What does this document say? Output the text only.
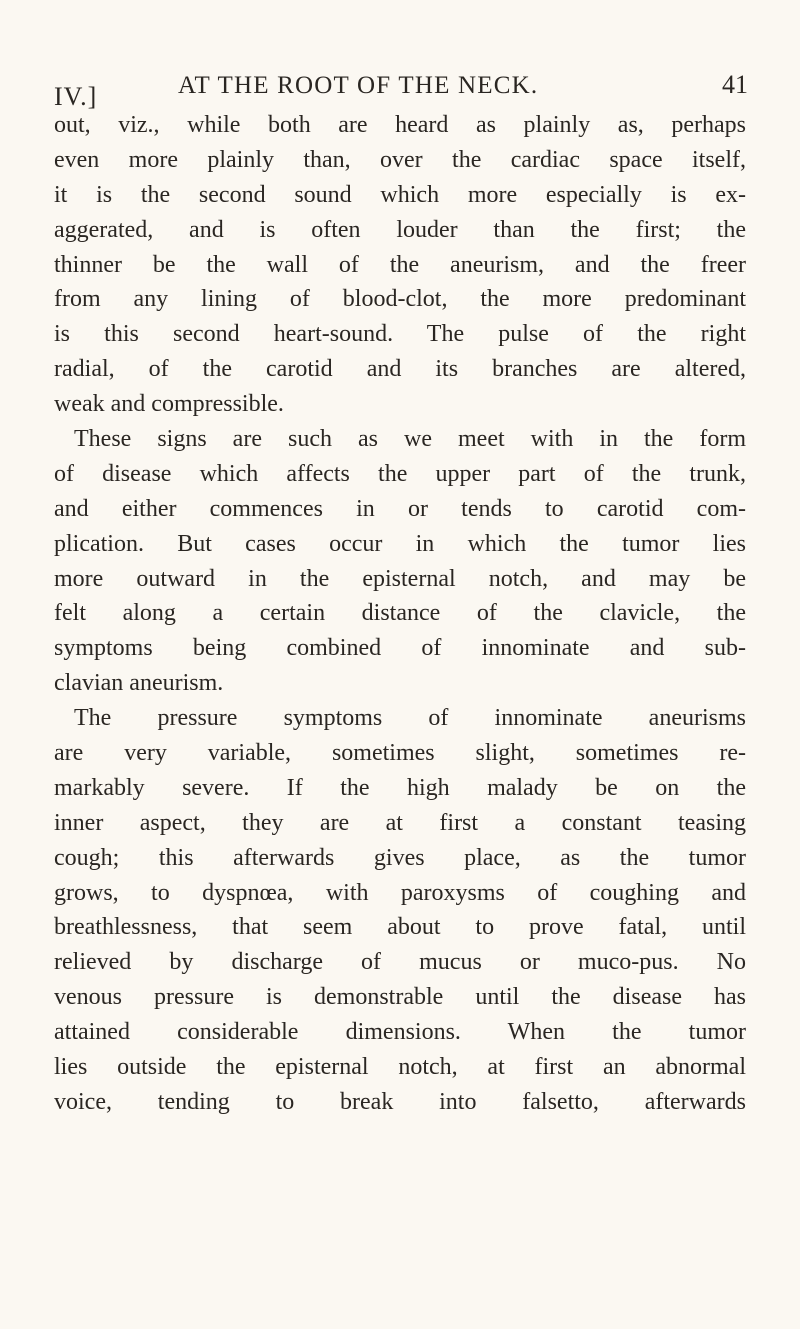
IV.]	AT THE ROOT OF THE NECK.	41
out, viz., while both are heard as plainly as, perhaps
even more plainly than, over the cardiac space itself,
it is the second sound which more especially is ex-
aggerated, and is often louder than the first; the
thinner be the wall of the aneurism, and the freer
from any lining of blood-clot, the more predominant
is this second heart-sound. The pulse of the right
radial, of the carotid and its branches are altered,
weak and compressible.
These signs are such as we meet with in the form
of disease which affects the upper part of the trunk,
and either commences in or tends to carotid com-
plication. But cases occur in which the tumor lies
more outward in the episternal notch, and may be
felt along a certain distance of the clavicle, the
symptoms being combined of innominate and sub-
clavian aneurism.
The pressure symptoms of innominate aneurisms
are very variable, sometimes slight, sometimes re-
markably severe. If the high malady be on the
inner aspect, they are at first a constant teasing
cough; this afterwards gives place, as the tumor
grows, to dyspnœa, with paroxysms of coughing and
breathlessness, that seem about to prove fatal, until
relieved by discharge of mucus or muco-pus. No
venous pressure is demonstrable until the disease has
attained considerable dimensions. When the tumor
lies outside the episternal notch, at first an abnormal
voice, tending to break into falsetto, afterwards
